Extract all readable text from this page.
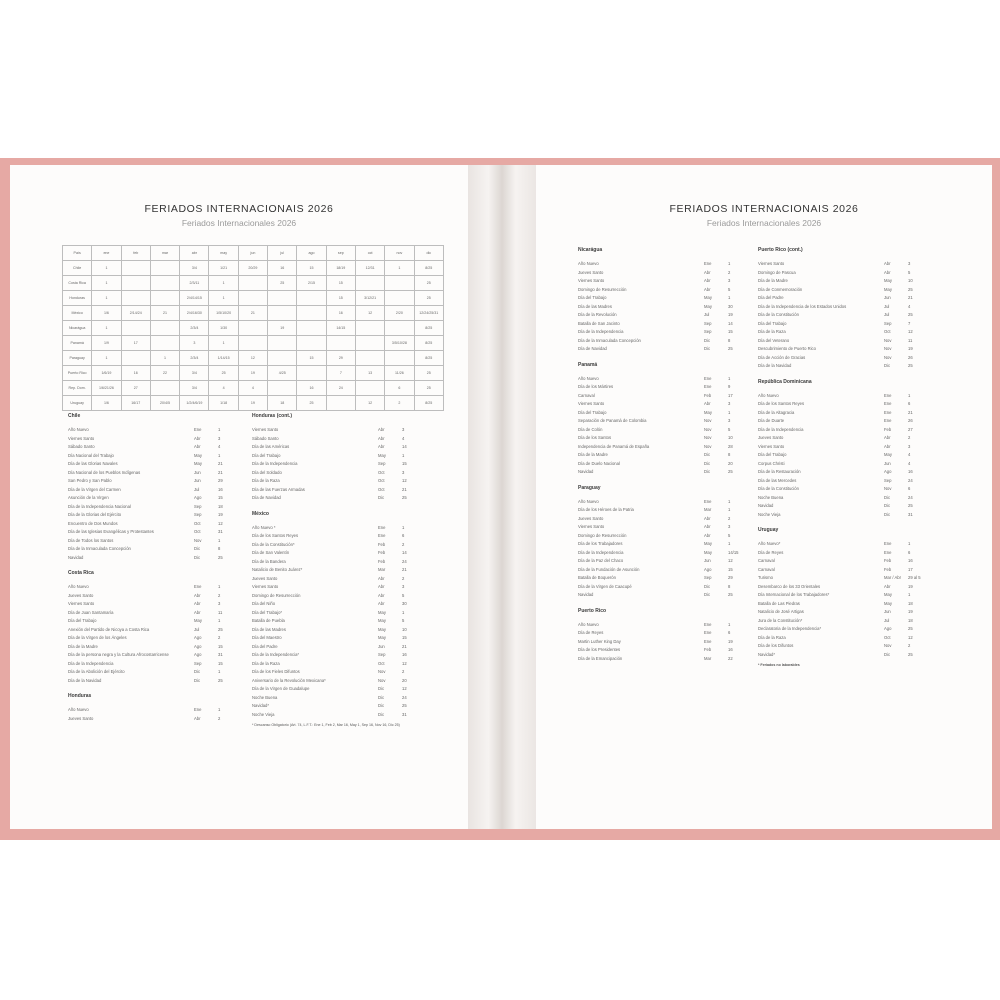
FERIADOS INTERNACIONAIS 2026
Feriados Internacionales 2026
País	ene	feb	mar	abr	may	jun	jul	ago	sep	oct	nov	dic
Chile	1			3/4	1/21	20/29	16	15	18/19	12/31	1	8/25
Costa Rica	1			2/3/11	1		25	2/15	15			25
Honduras	1			2/4/14/15	1				15	3/12/21		25
México	1/6	2/14/24	21	2/4/16/30	1/5/10/20	21			16	12	2/20	12/24/25/31
Nicarágua	1			2/3/4	1/30		19		14/15			8/25
Panamá	1/9	17		3	1						3/5/10/28	8/25
Paraguay	1		1	2/3/4	1/14/15	12		15	29			8/25
Puerto Rico	1/6/19	16	22	3/4	25	19	4/25		7	13	11/26	25
Rep. Dom.	1/6/21/26	27		3/4	4	4		16	24		6	25
Uruguay	1/6	16/17	20/4/5	1/2/4/6/19	1/18	19	18	25		12	2	8/25
Chile
Año Nuevo	Ene	1
Viernes Santo	Abr	3
Sábado Santo	Abr	4
Día Nacional del Trabajo	May	1
Día de las Glorias Navales	May	21
Día Nacional de los Pueblos Indígenas	Jun	21
San Pedro y San Pablo	Jun	29
Día de la Virgen del Carmen	Jul	16
Asunción de la Virgen	Ago	15
Día de la Independencia Nacional	Sep	18
Día de la Glorias del Ejército	Sep	19
Encuentro de Dos Mundos	Oct	12
Día de las Iglesias Evangélicas y Protestantes	Oct	31
Día de Todos los Santos	Nov	1
Día de la Inmaculada Concepción	Dic	8
Navidad	Dic	25
Costa Rica
Año Nuevo	Ene	1
Jueves Santo	Abr	2
Viernes Santo	Abr	3
Día de Juan Santamaría	Abr	11
Día del Trabajo	May	1
Anexión del Partido de Nicoya a Costa Rica	Jul	25
Día de la Virgen de los Ángeles	Ago	2
Día de la Madre	Ago	15
Día de la persona negra y la Cultura Afrocostarricense	Ago	31
Día de la Independencia	Sep	15
Día de la Abolición del Ejército	Dic	1
Día de la Navidad	Dic	25
Honduras
Año Nuevo	Ene	1
Jueves Santo	Abr	2
Honduras (cont.)
Viernes Santo	Abr	3
Sábado Santo	Abr	4
Día de las Américas	Abr	14
Día del Trabajo	May	1
Día de la Independencia	Sep	15
Día del Soldado	Oct	3
Día de la Raza	Oct	12
Día de las Fuerzas Armadas	Oct	21
Día de Navidad	Dic	25
México
Año Nuevo *	Ene	1
Día de los Santos Reyes	Ene	6
Día de la Constitución*	Feb	2
Día de San Valentín	Feb	14
Día de la Bandera	Feb	24
Natalicio de Benito Juárez*	Mar	21
Jueves Santo	Abr	2
Viernes Santo	Abr	3
Domingo de Resurrección	Abr	5
Día del Niño	Abr	30
Día del Trabajo*	May	1
Batalla de Puebla	May	5
Día de las Madres	May	10
Día del Maestro	May	15
Día del Padre	Jun	21
Día de la Independencia*	Sep	16
Día de la Raza	Oct	12
Día de los Fieles Difuntos	Nov	2
Aniversario de la Revolución Mexicana*	Nov	20
Día de la Virgen de Guadalupe	Dic	12
Noche Buena	Dic	24
Navidad*	Dic	25
Noche Vieja	Dic	31
* Descanso Obligatorio (Art. 74, L.F.T.: Ene 1, Feb 2, Mar 16, May 1, Sep 16, Nov 16, Dic 25)
FERIADOS INTERNACIONAIS 2026
Feriados Internacionales 2026
Nicarágua
Año Nuevo	Ene	1
Jueves Santo	Abr	2
Viernes Santo	Abr	3
Domingo de Resurrección	Abr	5
Día del Trabajo	May	1
Día de las Madres	May	30
Día de la Revolución	Jul	19
Batalla de San Jacinto	Sep	14
Día de la Independencia	Sep	15
Día de la Inmaculada Concepción	Dic	8
Día de Navidad	Dic	25
Panamá
Año Nuevo	Ene	1
Día de los Mártires	Ene	9
Carnaval	Feb	17
Viernes Santo	Abr	3
Día del Trabajo	May	1
Separación de Panamá de Colombia	Nov	3
Día de Colón	Nov	5
Día de los Santos	Nov	10
Independencia de Panamá de España	Nov	28
Día de la Madre	Dic	8
Día de Duelo Nacional	Dic	20
Navidad	Dic	25
Paraguay
Año Nuevo	Ene	1
Día de los Héroes de la Patria	Mar	1
Jueves Santo	Abr	2
Viernes Santo	Abr	3
Domingo de Resurrección	Abr	5
Día de los Trabajadores	May	1
Día de la Independencia	May	14/15
Día de la Paz del Chaco	Jun	12
Día de la Fundación de Asunción	Ago	15
Batalla de Boquerón	Sep	29
Día de la Virgen de Caacupé	Dic	8
Navidad	Dic	25
Puerto Rico
Año Nuevo	Ene	1
Día de Reyes	Ene	6
Martin Luther King Day	Ene	19
Día de los Presidentes	Feb	16
Día de la Emancipación	Mar	22
Puerto Rico (cont.)
Viernes Santo	Abr	3
Domingo de Pascua	Abr	5
Día de la Madre	May	10
Día de Conmemoración	May	25
Día del Padre	Jun	21
Día de la Independencia de los Estados Unidos	Jul	4
Día de la Constitución	Jul	25
Día del Trabajo	Sep	7
Día de la Raza	Oct	12
Día del Veterano	Nov	11
Descubrimiento de Puerto Rico	Nov	19
Día de Acción de Gracias	Nov	26
Día de la Navidad	Dic	25
República Dominicana
Año Nuevo	Ene	1
Día de los Santos Reyes	Ene	6
Día de la Altagracia	Ene	21
Día de Duarte	Ene	26
Día de la Independencia	Feb	27
Jueves Santo	Abr	2
Viernes Santo	Abr	3
Día del Trabajo	May	4
Corpus Christi	Jun	4
Día de la Restauración	Ago	16
Día de las Mercedes	Sep	24
Día de la Constitución	Nov	6
Noche Buena	Dic	24
Navidad	Dic	25
Noche Vieja	Dic	31
Uruguay
Año Nuevo*	Ene	1
Día de Reyes	Ene	6
Carnaval	Feb	16
Carnaval	Feb	17
Turismo	Mar / Abr	29 al 5
Desembarco de los 33 Orientales	Abr	19
Día Internacional de los Trabajadores*	May	1
Batalla de Las Piedras	May	18
Natalicio de José Artigas	Jun	19
Jura de la Constitución*	Jul	18
Declaratoria de la Independencia*	Ago	25
Día de la Raza	Oct	12
Día de los Difuntos	Nov	2
Navidad*	Dic	25
* Feriados no laborables
